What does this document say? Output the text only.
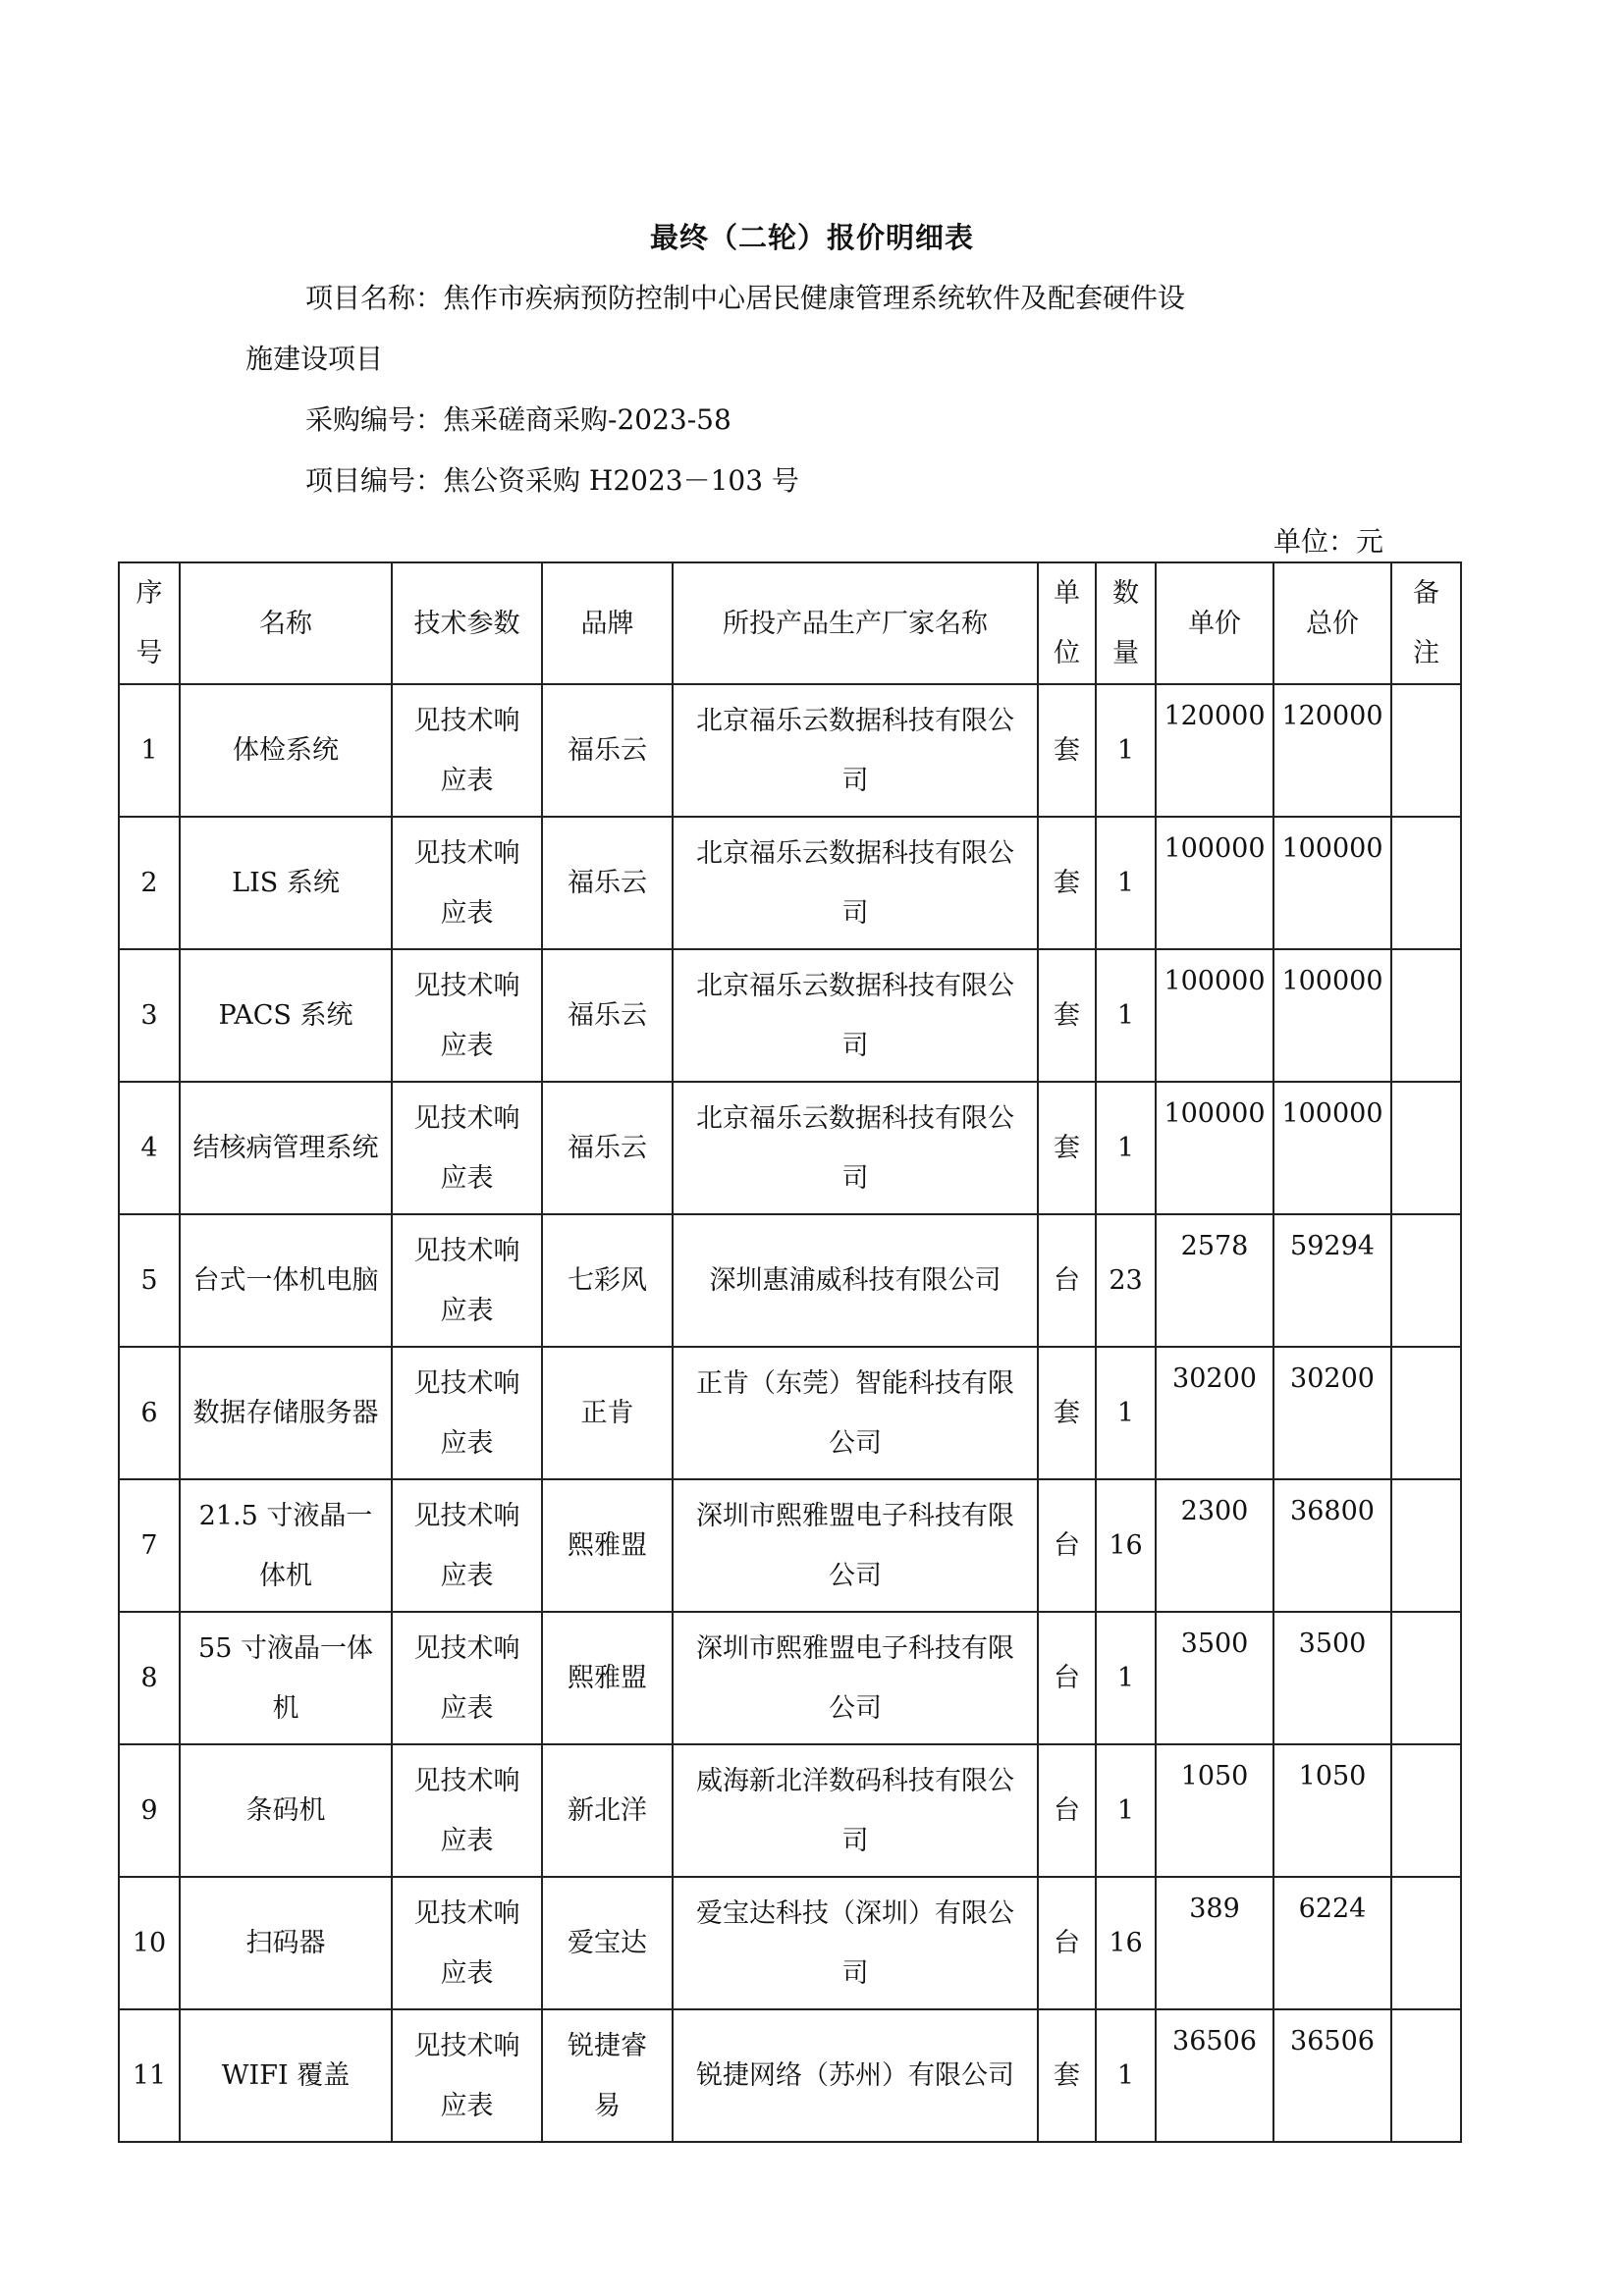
最终（二轮）报价明细表
项目名称：焦作市疾病预防控制中心居民健康管理系统软件及配套硬件设
施建设项目
采购编号：焦采磋商采购-2023-58
项目编号：焦公资采购 H2023－103 号
单位：元
序号	名称	技术参数	品牌	所投产品生产厂家名称	单位	数量	单价	总价	备注
1	体检系统	见技术响应表	福乐云	北京福乐云数据科技有限公司	套	1	120000	120000	
2	LIS 系统	见技术响应表	福乐云	北京福乐云数据科技有限公司	套	1	100000	100000	
3	PACS 系统	见技术响应表	福乐云	北京福乐云数据科技有限公司	套	1	100000	100000	
4	结核病管理系统	见技术响应表	福乐云	北京福乐云数据科技有限公司	套	1	100000	100000	
5	台式一体机电脑	见技术响应表	七彩风	深圳惠浦威科技有限公司	台	23	2578	59294	
6	数据存储服务器	见技术响应表	正肯	正肯（东莞）智能科技有限公司	套	1	30200	30200	
7	21.5 寸液晶一体机	见技术响应表	熙雅盟	深圳市熙雅盟电子科技有限公司	台	16	2300	36800	
8	55 寸液晶一体机	见技术响应表	熙雅盟	深圳市熙雅盟电子科技有限公司	台	1	3500	3500	
9	条码机	见技术响应表	新北洋	威海新北洋数码科技有限公司	台	1	1050	1050	
10	扫码器	见技术响应表	爱宝达	爱宝达科技（深圳）有限公司	台	16	389	6224	
11	WIFI 覆盖	见技术响应表	锐捷睿易	锐捷网络（苏州）有限公司	套	1	36506	36506	
